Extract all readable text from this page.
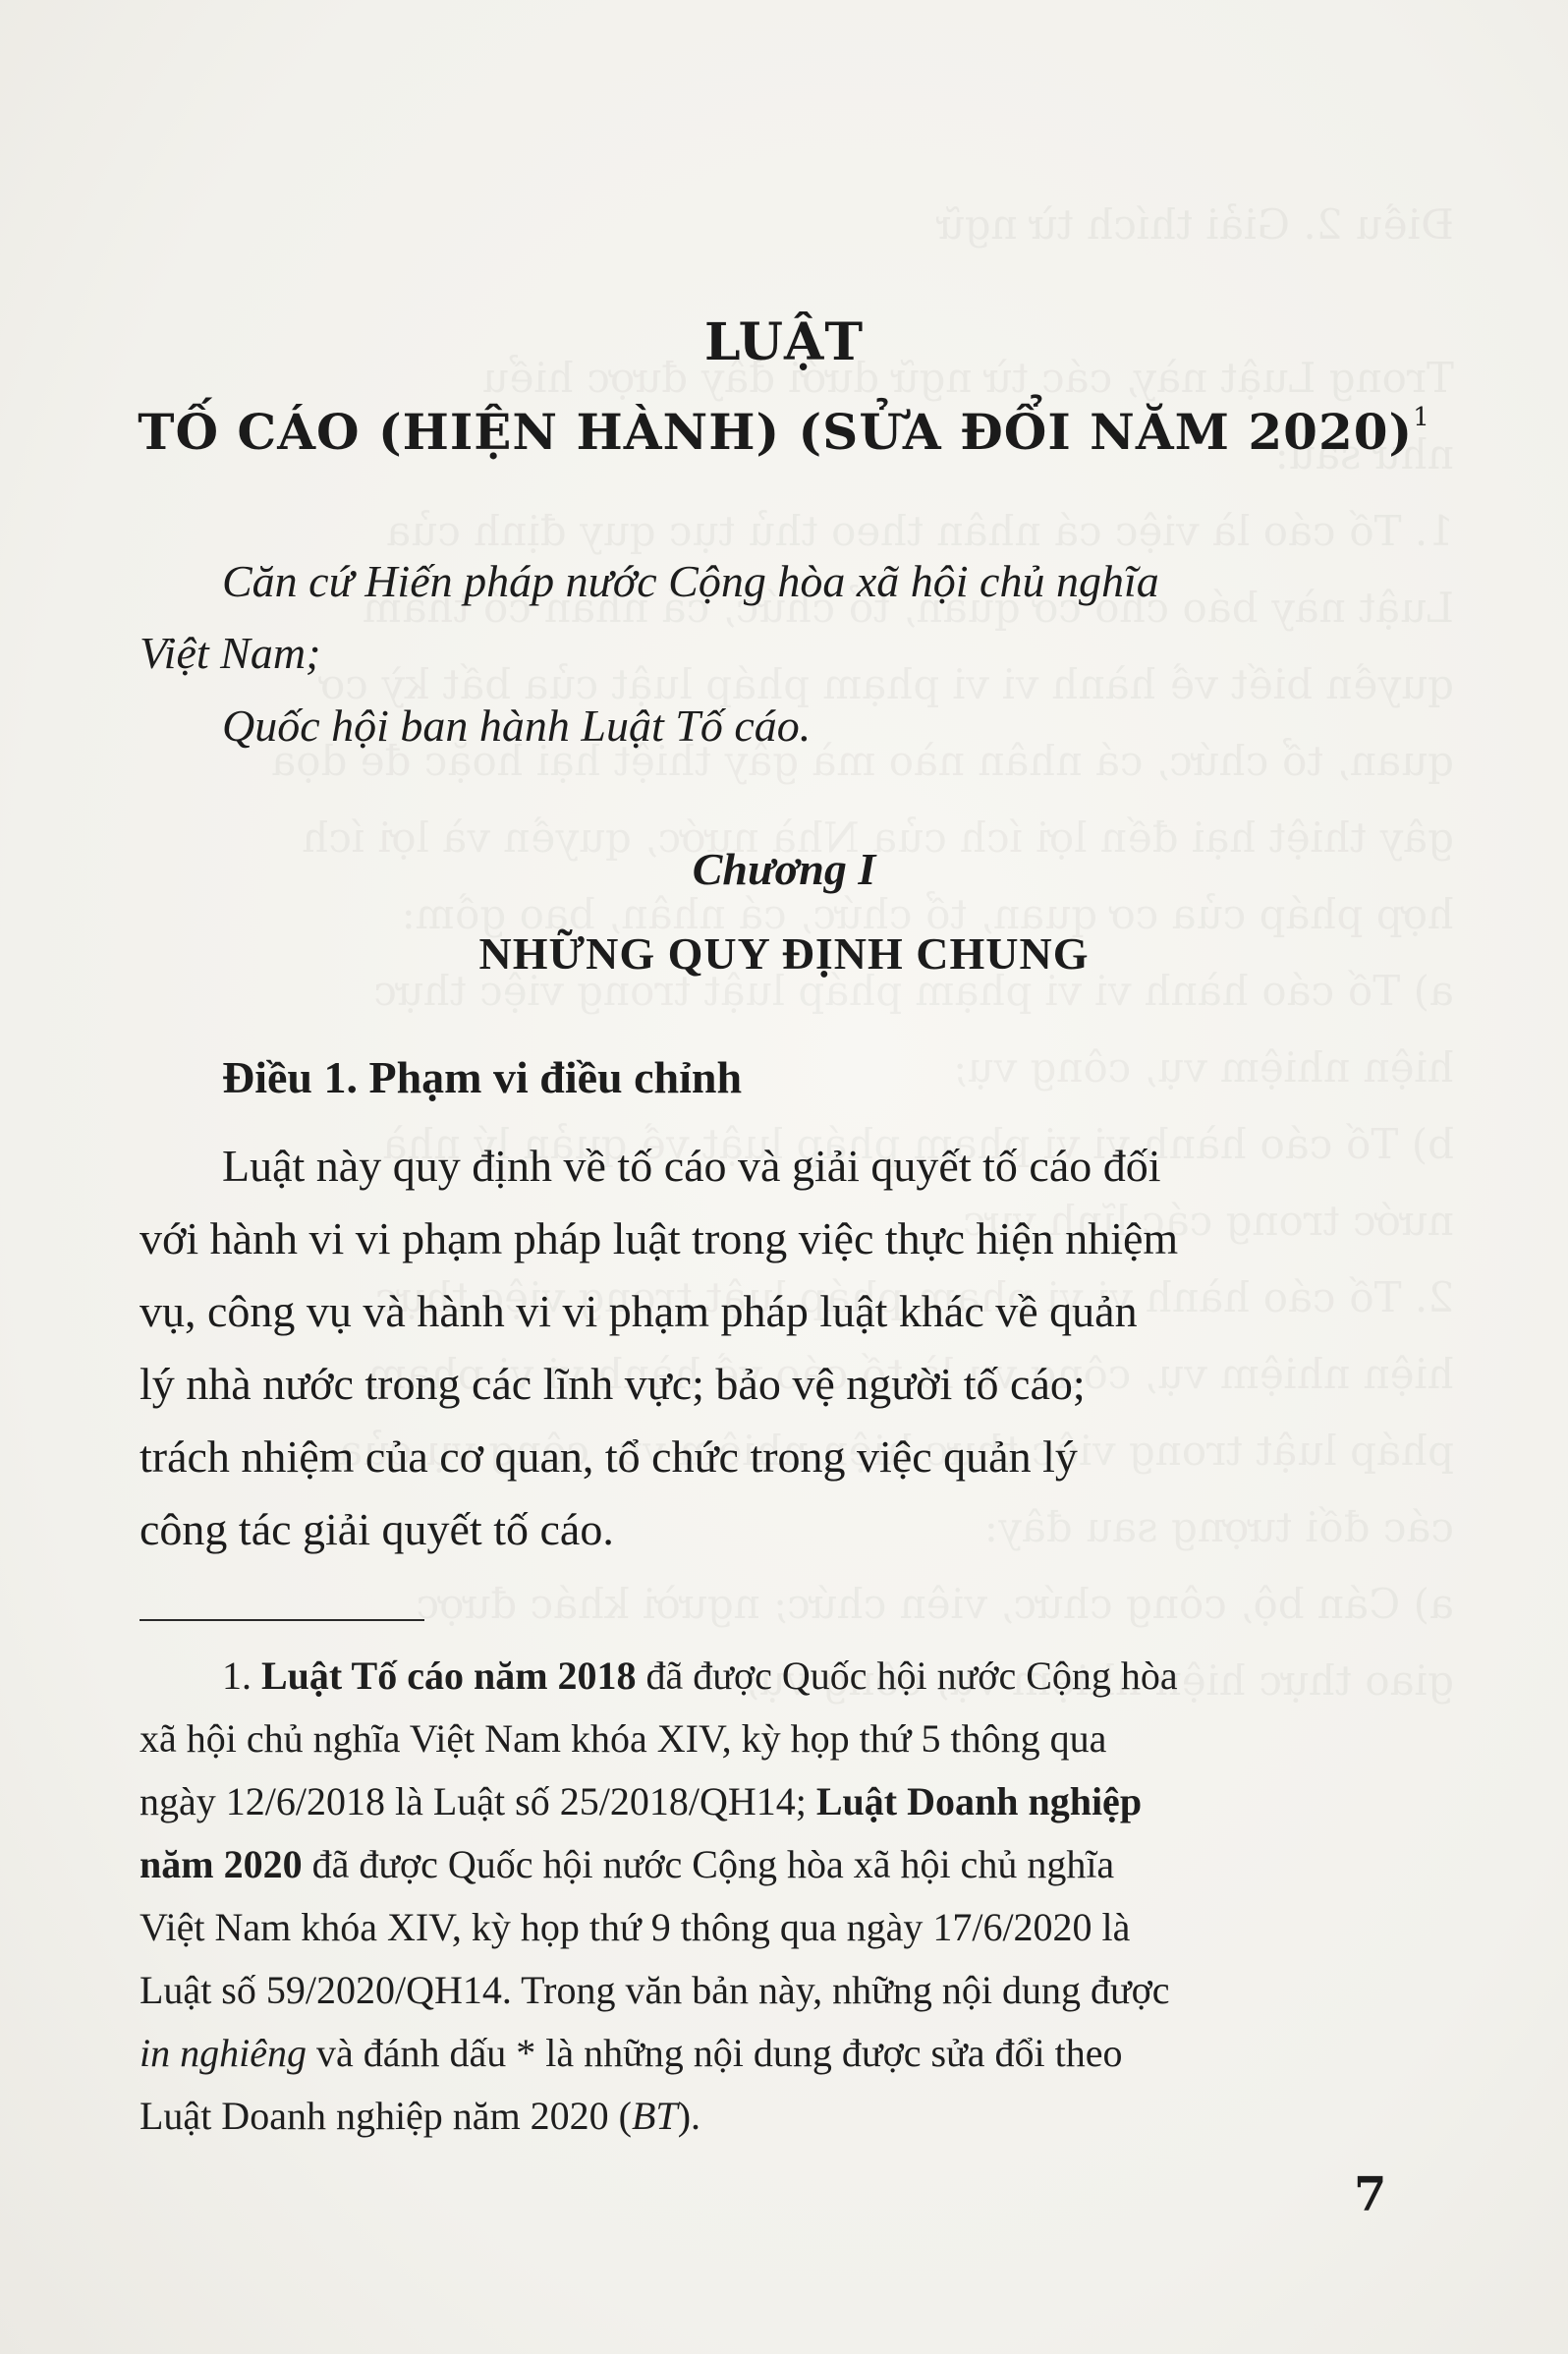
LUẬT
TỐ CÁO (HIỆN HÀNH) (SỬA ĐỔI NĂM 2020)$^1$
Căn cứ Hiến pháp nước Cộng hòa xã hội chủ nghĩa
Việt Nam;
Quốc hội ban hành Luật Tố cáo.
Chương I
NHỮNG QUY ĐỊNH CHUNG
Điều 1. Phạm vi điều chỉnh
Luật này quy định về tố cáo và giải quyết tố cáo đối
với hành vi vi phạm pháp luật trong việc thực hiện nhiệm
vụ, công vụ và hành vi vi phạm pháp luật khác về quản
lý nhà nước trong các lĩnh vực; bảo vệ người tố cáo;
trách nhiệm của cơ quan, tổ chức trong việc quản lý
công tác giải quyết tố cáo.
1. Luật Tố cáo năm 2018 đã được Quốc hội nước Cộng hòa
xã hội chủ nghĩa Việt Nam khóa XIV, kỳ họp thứ 5 thông qua
ngày 12/6/2018 là Luật số 25/2018/QH14; Luật Doanh nghiệp
năm 2020 đã được Quốc hội nước Cộng hòa xã hội chủ nghĩa
Việt Nam khóa XIV, kỳ họp thứ 9 thông qua ngày 17/6/2020 là
Luật số 59/2020/QH14. Trong văn bản này, những nội dung được
in nghiêng và đánh dấu * là những nội dung được sửa đổi theo
Luật Doanh nghiệp năm 2020 (BT).
7
